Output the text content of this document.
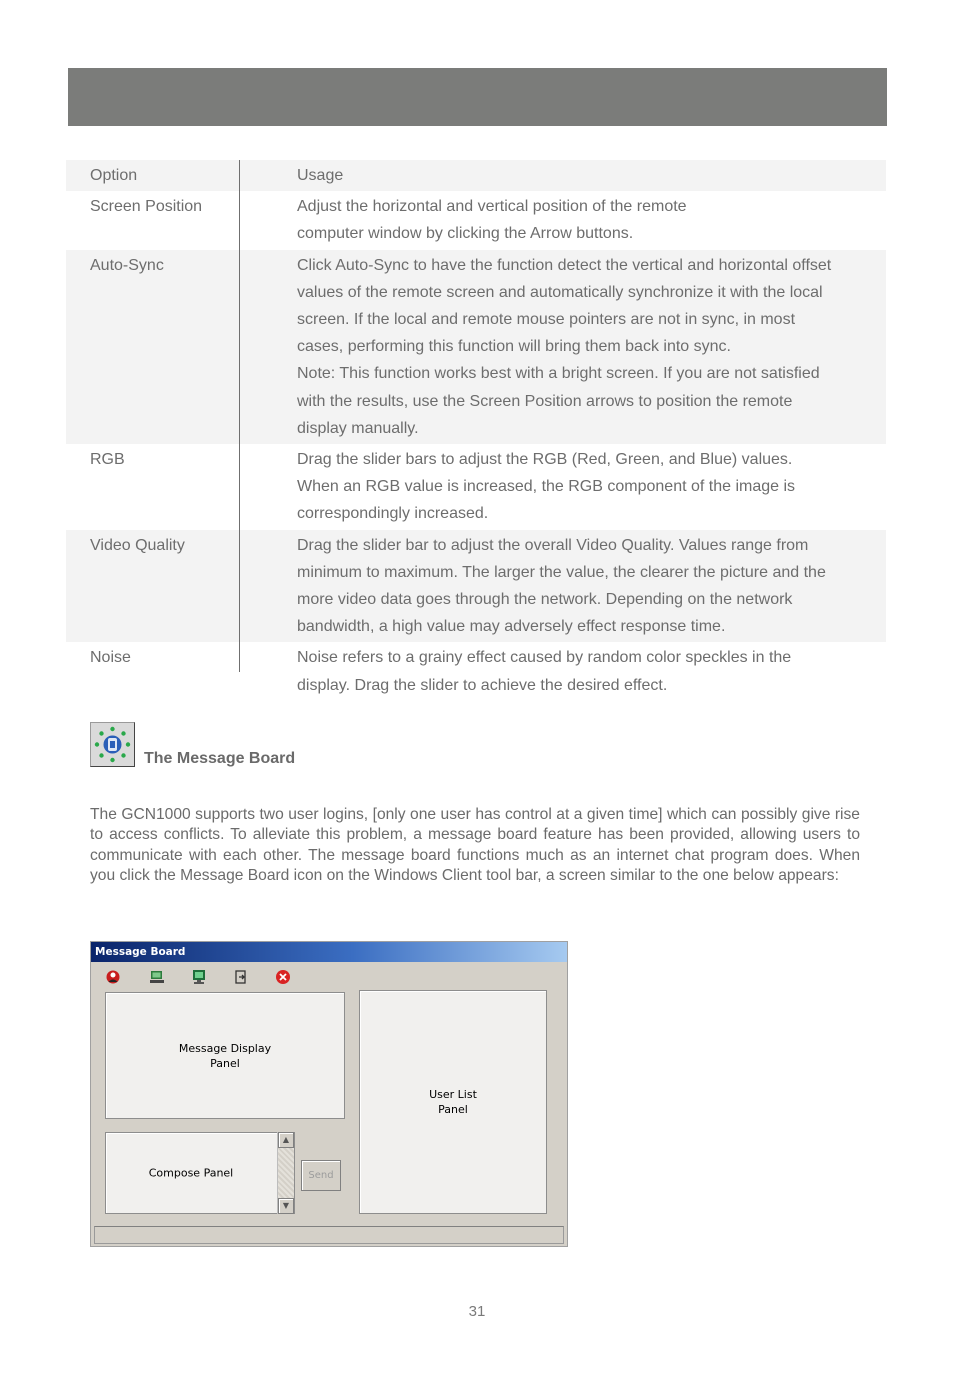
Option	Usage
Screen Position	Adjust the horizontal and vertical position of the remote
computer window by clicking the Arrow buttons.
Auto-Sync	Click Auto-Sync to have the function detect the vertical and horizontal offset
values of the remote screen and automatically synchronize it with the local
screen. If the local and remote mouse pointers are not in sync, in most
cases, performing this function will bring them back into sync.
Note: This function works best with a bright screen. If you are not satisfied
with the results, use the Screen Position arrows to position the remote
display manually.
RGB	Drag the slider bars to adjust the RGB (Red, Green, and Blue) values.
When an RGB value is increased, the RGB component of the image is
correspondingly increased.
Video Quality	Drag the slider bar to adjust the overall Video Quality. Values range from
minimum to maximum. The larger the value, the clearer the picture and the
more video data goes through the network. Depending on the network
bandwidth, a high value may adversely effect response time.
Noise	Noise refers to a grainy effect caused by random color speckles in the
display. Drag the slider to achieve the desired effect.
The Message Board

The GCN1000 supports two user logins, [only one user has control at a given time] which can possibly give rise to access conflicts. To alleviate this problem, a message board feature has been provided, allowing users to communicate with each other. The message board functions much as an internet chat program does. When you click the Message Board icon on the Windows Client tool bar, a screen similar to the one below appears:

Message Board
Message Display
Panel
Compose Panel
▲
▼
Send
User List
Panel
31
